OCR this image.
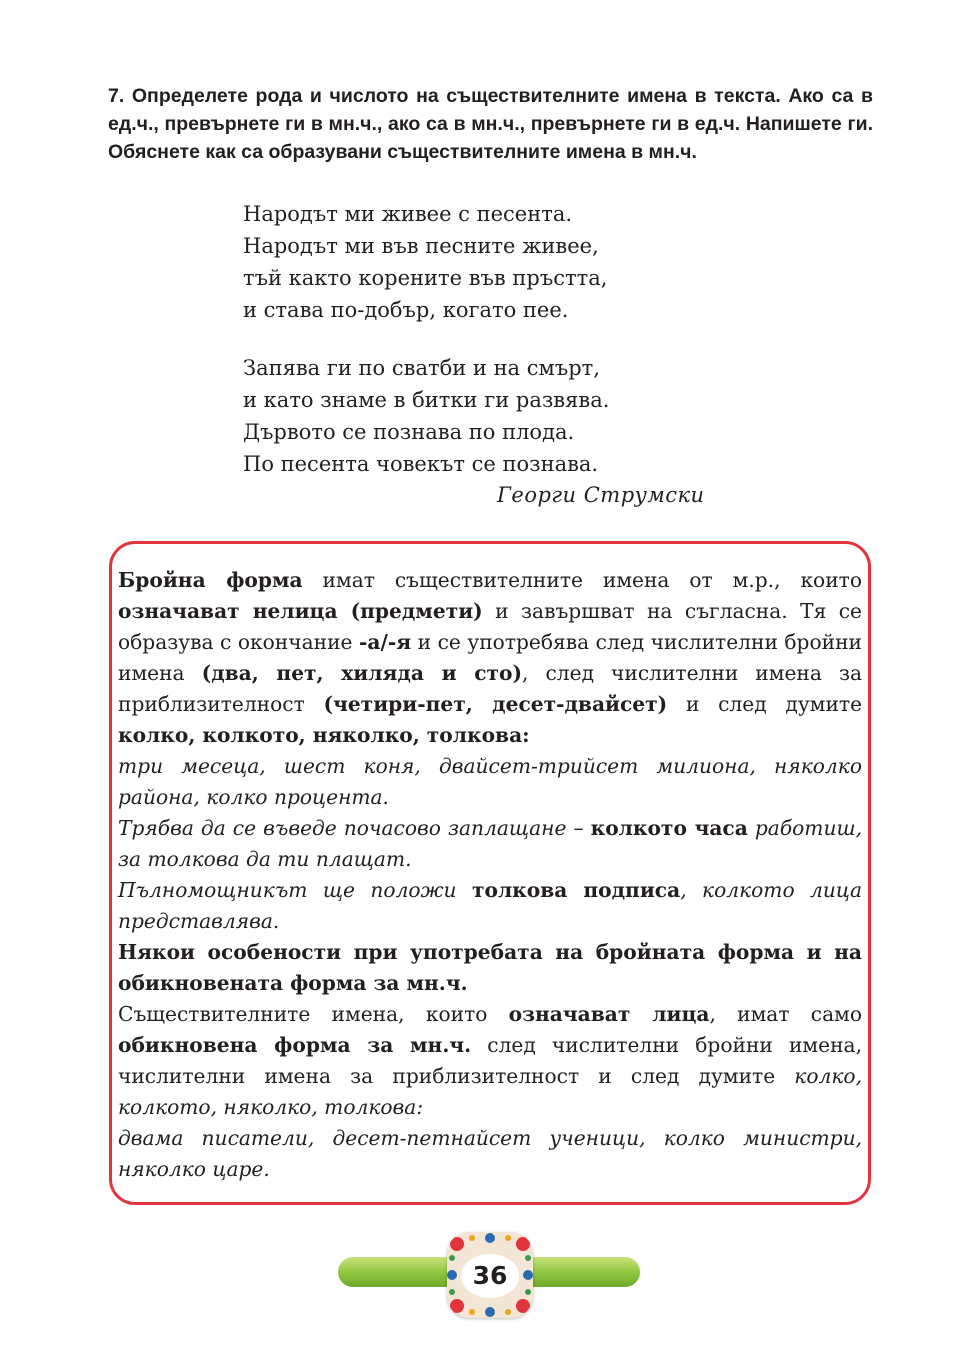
7. Определете рода и числото на съществителните имена в текста. Ако са в ед.ч., превърнете ги в мн.ч., ако са в мн.ч., превърнете ги в ед.ч. Напишете ги. Обяснете как са образувани съществителните имена в мн.ч.
Народът ми живее с песента.
Народът ми във песните живее,
тъй както корените във пръстта,
и става по-добър, когато пее.
Запява ги по сватби и на смърт,
и като знаме в битки ги развява.
Дървото се познава по плода.
По песента човекът се познава.
Георги Струмски

Бройна форма имат съществителните имена от м.р., които означават нелица (предмети) и завършват на съгласна. Тя се образува с окончание -а/-я и се употребява след числителни бройни имена (два, пет, хиляда и сто), след числителни имена за приблизителност (четири-пет, десет-двайсет) и след думите колко, колкото, няколко, толкова:

три месеца, шест коня, двайсет-трийсет милиона, няколко района, колко процента.

Трябва да се въведе почасово заплащане – колкото часа работиш, за толкова да ти плащат.

Пълномощникът ще положи толкова подписа, колкото лица представлява.

Някои особености при употребата на бройната форма и на обикновената форма за мн.ч.

Съществителните имена, които означават лица, имат само обикновена форма за мн.ч. след числителни бройни имена, числителни имена за приблизителност и след думите колко, колкото, няколко, толкова:

двама писатели, десет-петнайсет ученици, колко министри, няколко царе.

36
